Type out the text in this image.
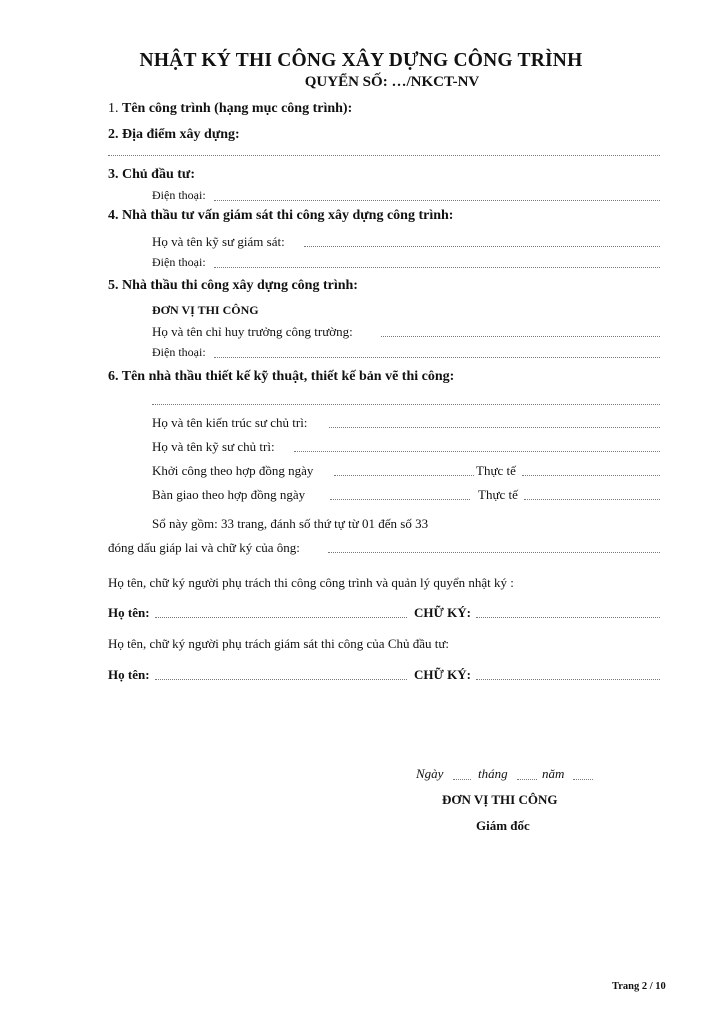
NHẬT KÝ THI CÔNG XÂY DỰNG CÔNG TRÌNH
QUYỂN SỐ: …/NKCT-NV
1. Tên công trình (hạng mục công trình):
2. Địa điểm xây dựng:
3. Chủ đầu tư:
Điện thoại:
4. Nhà thầu tư vấn giám sát thi công xây dựng công trình:
Họ và tên kỹ sư giám sát:
Điện thoại:
5. Nhà thầu thi công xây dựng công trình:
ĐƠN VỊ THI CÔNG
Họ và tên chỉ huy trưởng công trường:
Điện thoại:
6. Tên nhà thầu thiết kế kỹ thuật, thiết kế bản vẽ thi công:
Họ và tên kiến trúc sư chủ trì:
Họ và tên kỹ sư chủ trì:
Khởi công theo hợp đồng ngày	Thực tế
Bàn giao theo hợp đồng ngày	Thực tế
Sổ này gồm: 33 trang, đánh số thứ tự từ 01 đến số 33
đóng dấu giáp lai và chữ ký của ông:
Họ tên, chữ ký người phụ trách thi công công trình và quản lý quyển nhật ký :
Họ tên:	CHỮ KÝ:
Họ tên, chữ ký người phụ trách giám sát thi công của Chủ đầu tư:
Họ tên:	CHỮ KÝ:
Ngày	tháng	năm
ĐƠN VỊ THI CÔNG
Giám đốc
Trang 2 / 10
